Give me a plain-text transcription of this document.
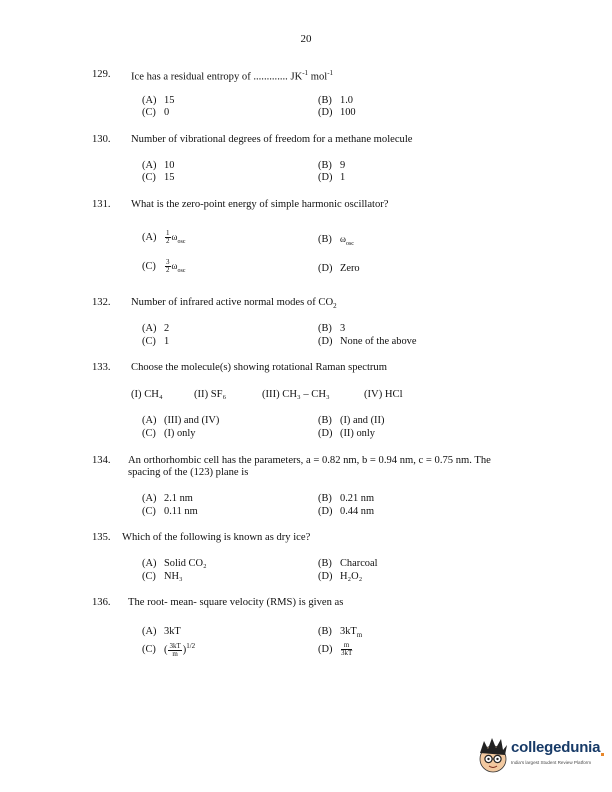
20
129. Ice has a residual entropy of ............. $JK^{-1}$ mol$^{-1}$
(A) 15	(B) 1.0
(C) 0	(D) 100
130. Number of vibrational degrees of freedom for a methane molecule
(A) 10	(B) 9
(C) 15	(D) 1
131. What is the zero-point energy of simple harmonic oscillator?
$(A) \frac{1}{2} \omega_{osc}$	(B) $\omega_{osc}$
$(C) \frac{3}{2} \omega_{osc}$	(D) Zero
132. Number of infrared active normal modes of $CO_2$
(A) 2	(B) 3
(C) 1	(D) None of the above
133. Choose the molecule(s) showing rotational Raman spectrum
(I) CH₄	(II) SF₆	(III) CH₃ – CH₃	(IV) HCl
(A) (III) and (IV)	(B) (I) and (II)
(C) (I) only	(D) (II) only
134. An orthorhombic cell has the parameters, a = 0.82 nm, b = 0.94 nm, c = 0.75 nm. The
spacing of the (123) plane is
(A) 2.1 nm	(B) 0.21 nm
(C) 0.11 nm	(D) 0.44 nm
135. Which of the following is known as dry ice?
(A) Solid CO₂	(B) Charcoal
(C) NH₃	(D) H₂O₂
136. The root- mean- square velocity (RMS) is given as
(A) 3kT	(B) $3kT_m$
(C) ( $\frac{3kT}{m} )^{1/2}$	$(D) \frac{m}{3kT}$
collegedunia
India's largest Student Review Platform
